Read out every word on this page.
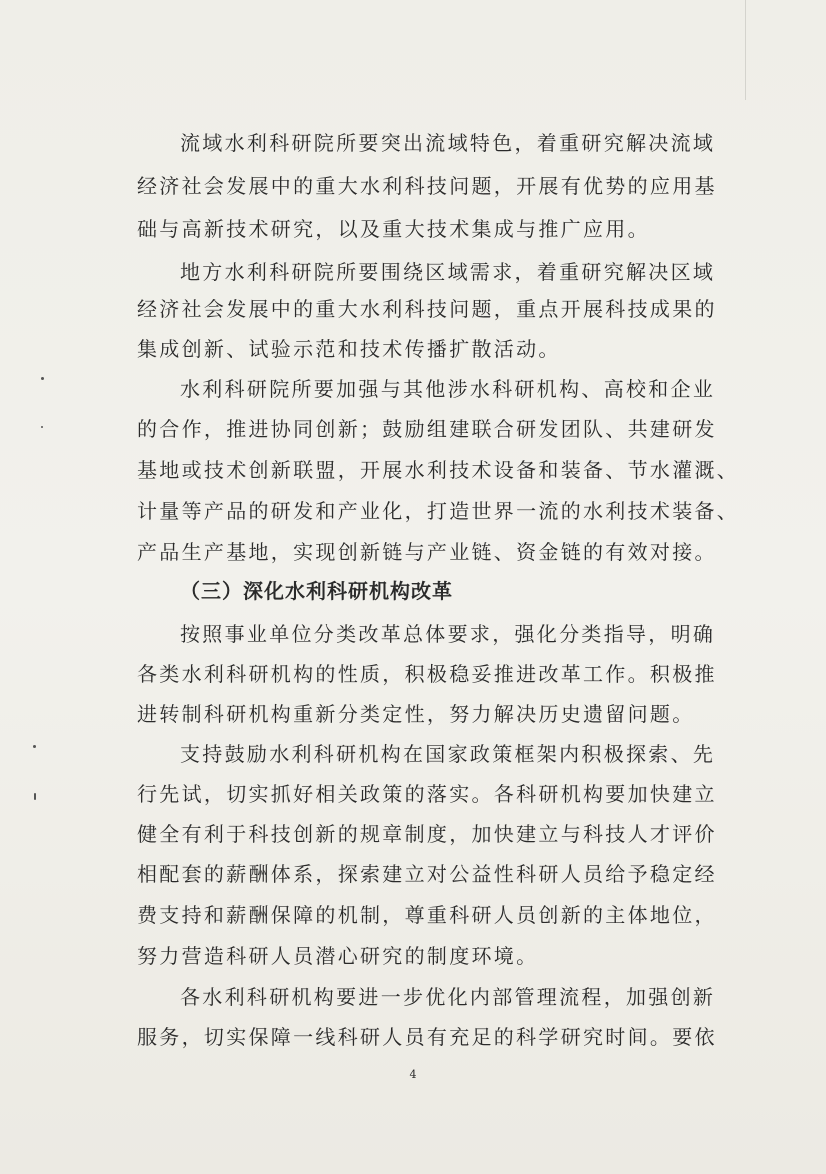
流域水利科研院所要突出流域特色，着重研究解决流域
经济社会发展中的重大水利科技问题，开展有优势的应用基
础与高新技术研究，以及重大技术集成与推广应用。
地方水利科研院所要围绕区域需求，着重研究解决区域
经济社会发展中的重大水利科技问题，重点开展科技成果的
集成创新、试验示范和技术传播扩散活动。
水利科研院所要加强与其他涉水科研机构、高校和企业
的合作，推进协同创新；鼓励组建联合研发团队、共建研发
基地或技术创新联盟，开展水利技术设备和装备、节水灌溉、
计量等产品的研发和产业化，打造世界一流的水利技术装备、
产品生产基地，实现创新链与产业链、资金链的有效对接。
（三）深化水利科研机构改革
按照事业单位分类改革总体要求，强化分类指导，明确
各类水利科研机构的性质，积极稳妥推进改革工作。积极推
进转制科研机构重新分类定性，努力解决历史遗留问题。
支持鼓励水利科研机构在国家政策框架内积极探索、先
行先试，切实抓好相关政策的落实。各科研机构要加快建立
健全有利于科技创新的规章制度，加快建立与科技人才评价
相配套的薪酬体系，探索建立对公益性科研人员给予稳定经
费支持和薪酬保障的机制，尊重科研人员创新的主体地位，
努力营造科研人员潜心研究的制度环境。
各水利科研机构要进一步优化内部管理流程，加强创新
服务，切实保障一线科研人员有充足的科学研究时间。要依
4
